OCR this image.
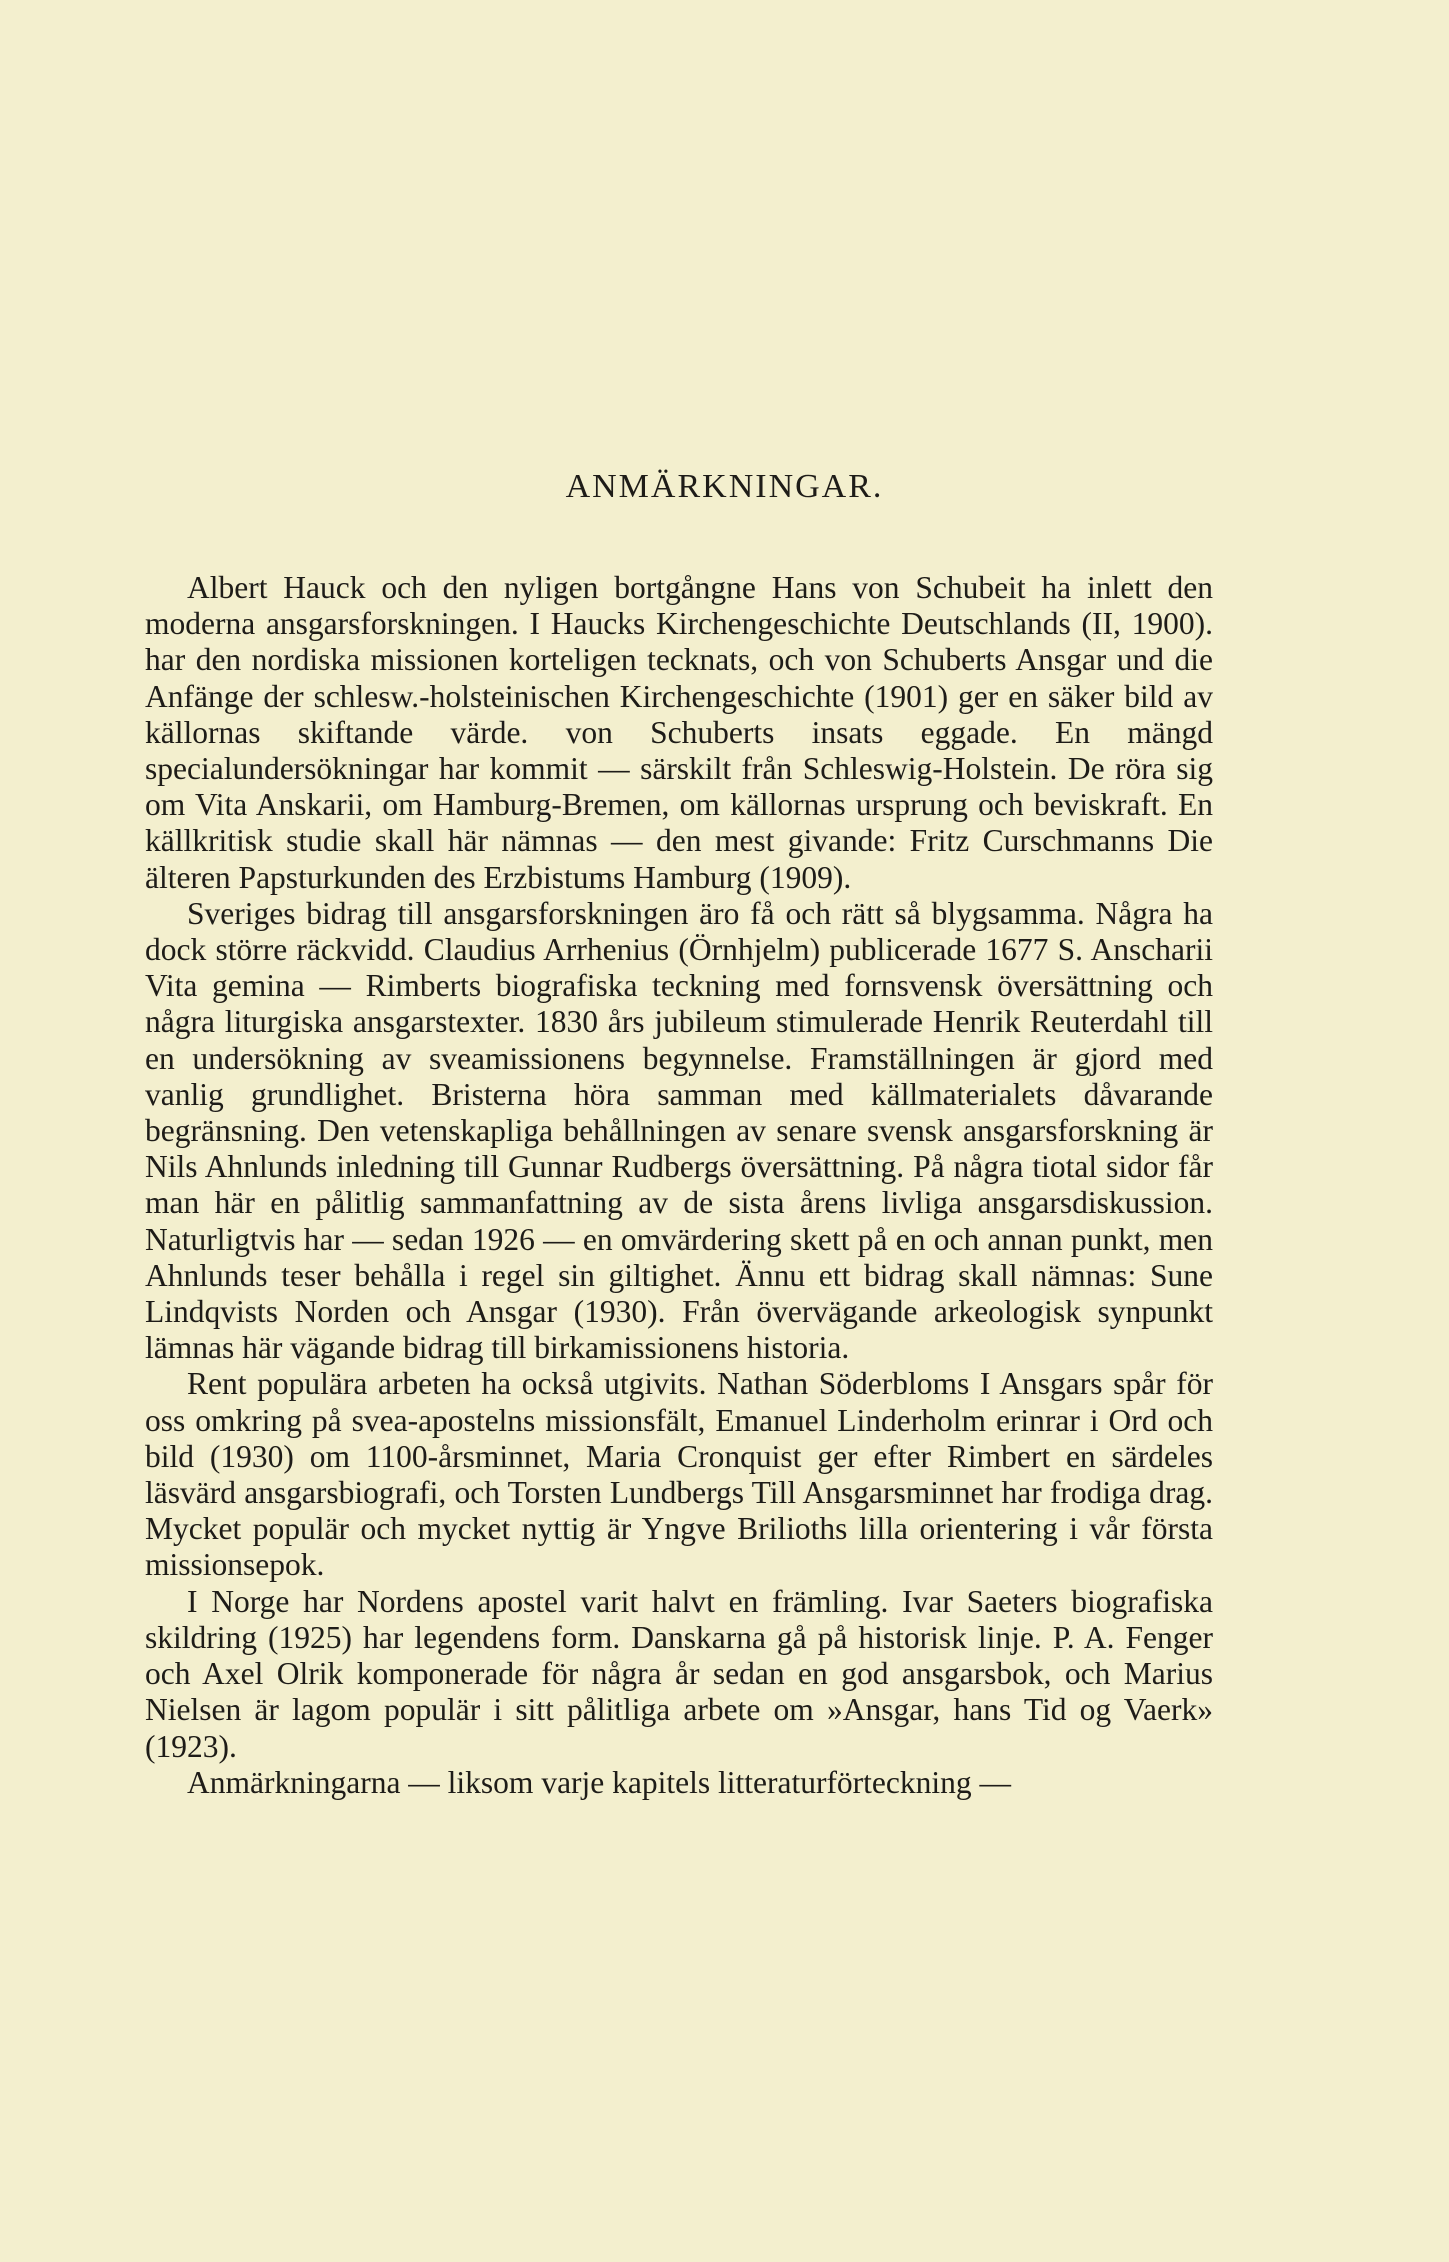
ANMÄRKNINGAR.

Albert Hauck och den nyligen bortgångne Hans von Schubeit ha inlett den moderna ansgarsforskningen. I Haucks Kirchengeschichte Deutschlands (II, 1900). har den nordiska missionen korteligen tecknats, och von Schuberts Ansgar und die Anfänge der schlesw.-holsteinischen Kirchengeschichte (1901) ger en säker bild av källornas skiftande värde. von Schuberts insats eggade. En mängd specialundersökningar har kommit — särskilt från Schleswig-Holstein. De röra sig om Vita Anskarii, om Hamburg-Bremen, om källornas ursprung och beviskraft. En källkritisk studie skall här nämnas — den mest givande: Fritz Curschmanns Die älteren Papsturkunden des Erzbistums Hamburg (1909).

Sveriges bidrag till ansgarsforskningen äro få och rätt så blygsamma. Några ha dock större räckvidd. Claudius Arrhenius (Örnhjelm) publicerade 1677 S. Anscharii Vita gemina — Rimberts biografiska teckning med fornsvensk översättning och några liturgiska ansgarstexter. 1830 års jubileum stimulerade Henrik Reuterdahl till en undersökning av sveamissionens begynnelse. Framställningen är gjord med vanlig grundlighet. Bristerna höra samman med källmaterialets dåvarande begränsning. Den vetenskapliga behållningen av senare svensk ansgarsforskning är Nils Ahnlunds inledning till Gunnar Rudbergs översättning. På några tiotal sidor får man här en pålitlig sammanfattning av de sista årens livliga ansgarsdiskussion. Naturligtvis har — sedan 1926 — en omvärdering skett på en och annan punkt, men Ahnlunds teser behålla i regel sin giltighet. Ännu ett bidrag skall nämnas: Sune Lindqvists Norden och Ansgar (1930). Från övervägande arkeologisk synpunkt lämnas här vägande bidrag till birkamissionens historia.

Rent populära arbeten ha också utgivits. Nathan Söderbloms I Ansgars spår för oss omkring på svea-apostelns missionsfält, Emanuel Linderholm erinrar i Ord och bild (1930) om 1100-årsminnet, Maria Cronquist ger efter Rimbert en särdeles läsvärd ansgarsbiografi, och Torsten Lundbergs Till Ansgarsminnet har frodiga drag. Mycket populär och mycket nyttig är Yngve Brilioths lilla orientering i vår första missionsepok.

I Norge har Nordens apostel varit halvt en främling. Ivar Saeters biografiska skildring (1925) har legendens form. Danskarna gå på historisk linje. P. A. Fenger och Axel Olrik komponerade för några år sedan en god ansgarsbok, och Marius Nielsen är lagom populär i sitt pålitliga arbete om »Ansgar, hans Tid og Vaerk» (1923).

Anmärkningarna — liksom varje kapitels litteraturförteckning —
